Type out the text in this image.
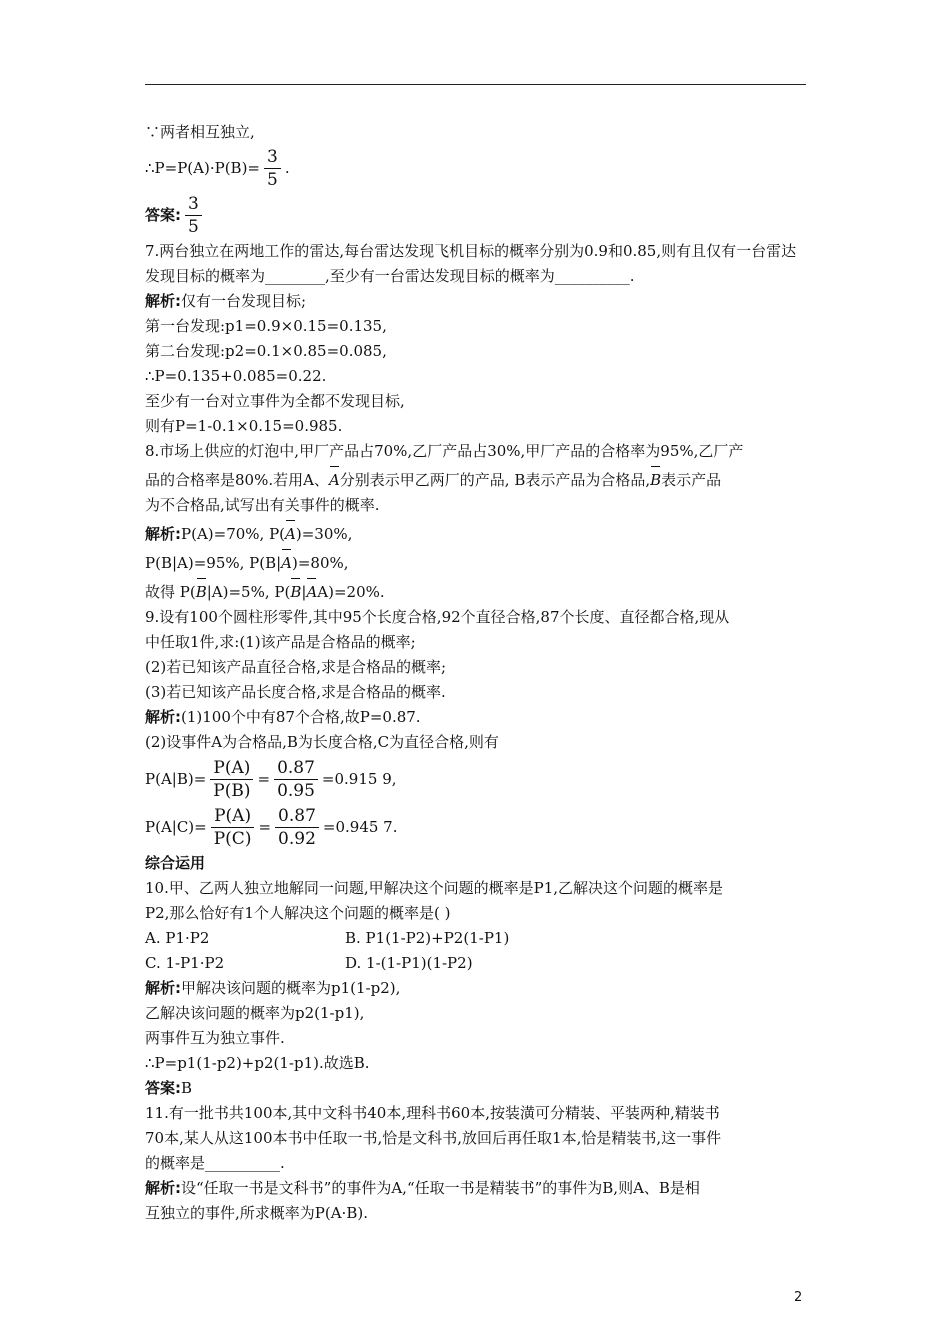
∵两者相互独立,
∴P=P(A)·P(B)= $\frac{3}{5}$ .
答案: $\frac{3}{5}$
7.两台独立在两地工作的雷达,每台雷达发现飞机目标的概率分别为0.9和0.85,则有且仅有一台雷达发现目标的概率为________,至少有一台雷达发现目标的概率为__________.
解析:仅有一台发现目标;
第一台发现:p1=0.9×0.15=0.135,
第二台发现:p2=0.1×0.85=0.085,
∴P=0.135+0.085=0.22.
至少有一台对立事件为全都不发现目标,
则有P=1-0.1×0.15=0.985.
8.市场上供应的灯泡中,甲厂产品占70%,乙厂产品占30%,甲厂产品的合格率为95%,乙厂产
品的合格率是80%.若用A、A分别表示甲乙两厂的产品, B表示产品为合格品,B表示产品
为不合格品,试写出有关事件的概率.
解析:P(A)=70%, P(A)=30%,
P(B|A)=95%, P(B|A)=80%,
故得 P(B|A)=5%, P(B|AA)=20%.
9.设有100个圆柱形零件,其中95个长度合格,92个直径合格,87个长度、直径都合格,现从
中任取1件,求:(1)该产品是合格品的概率;
(2)若已知该产品直径合格,求是合格品的概率;
(3)若已知该产品长度合格,求是合格品的概率.
解析:(1)100个中有87个合格,故P=0.87.
(2)设事件A为合格品,B为长度合格,C为直径合格,则有
$P(A|B)= \frac{P(A)}{P(B)} = \frac{0.87}{0.95} =0.915$ 9,
$P(A|C)= \frac{P(A)}{P(C)} = \frac{0.87}{0.92} =0.945$ 7.
综合运用
10.甲、乙两人独立地解同一问题,甲解决这个问题的概率是P1,乙解决这个问题的概率是
P2,那么恰好有1个人解决这个问题的概率是( )
A. P1·P2	B. P1(1-P2)+P2(1-P1)
C. 1-P1·P2	D. 1-(1-P1)(1-P2)
解析:甲解决该问题的概率为p1(1-p2),
乙解决该问题的概率为p2(1-p1),
两事件互为独立事件.
∴P=p1(1-p2)+p2(1-p1).故选B.
答案:B
11.有一批书共100本,其中文科书40本,理科书60本,按装潢可分精装、平装两种,精装书
70本,某人从这100本书中任取一书,恰是文科书,放回后再任取1本,恰是精装书,这一事件
的概率是__________.
解析:设“任取一书是文科书”的事件为A,“任取一书是精装书”的事件为B,则A、B是相
互独立的事件,所求概率为P(A·B).
2
